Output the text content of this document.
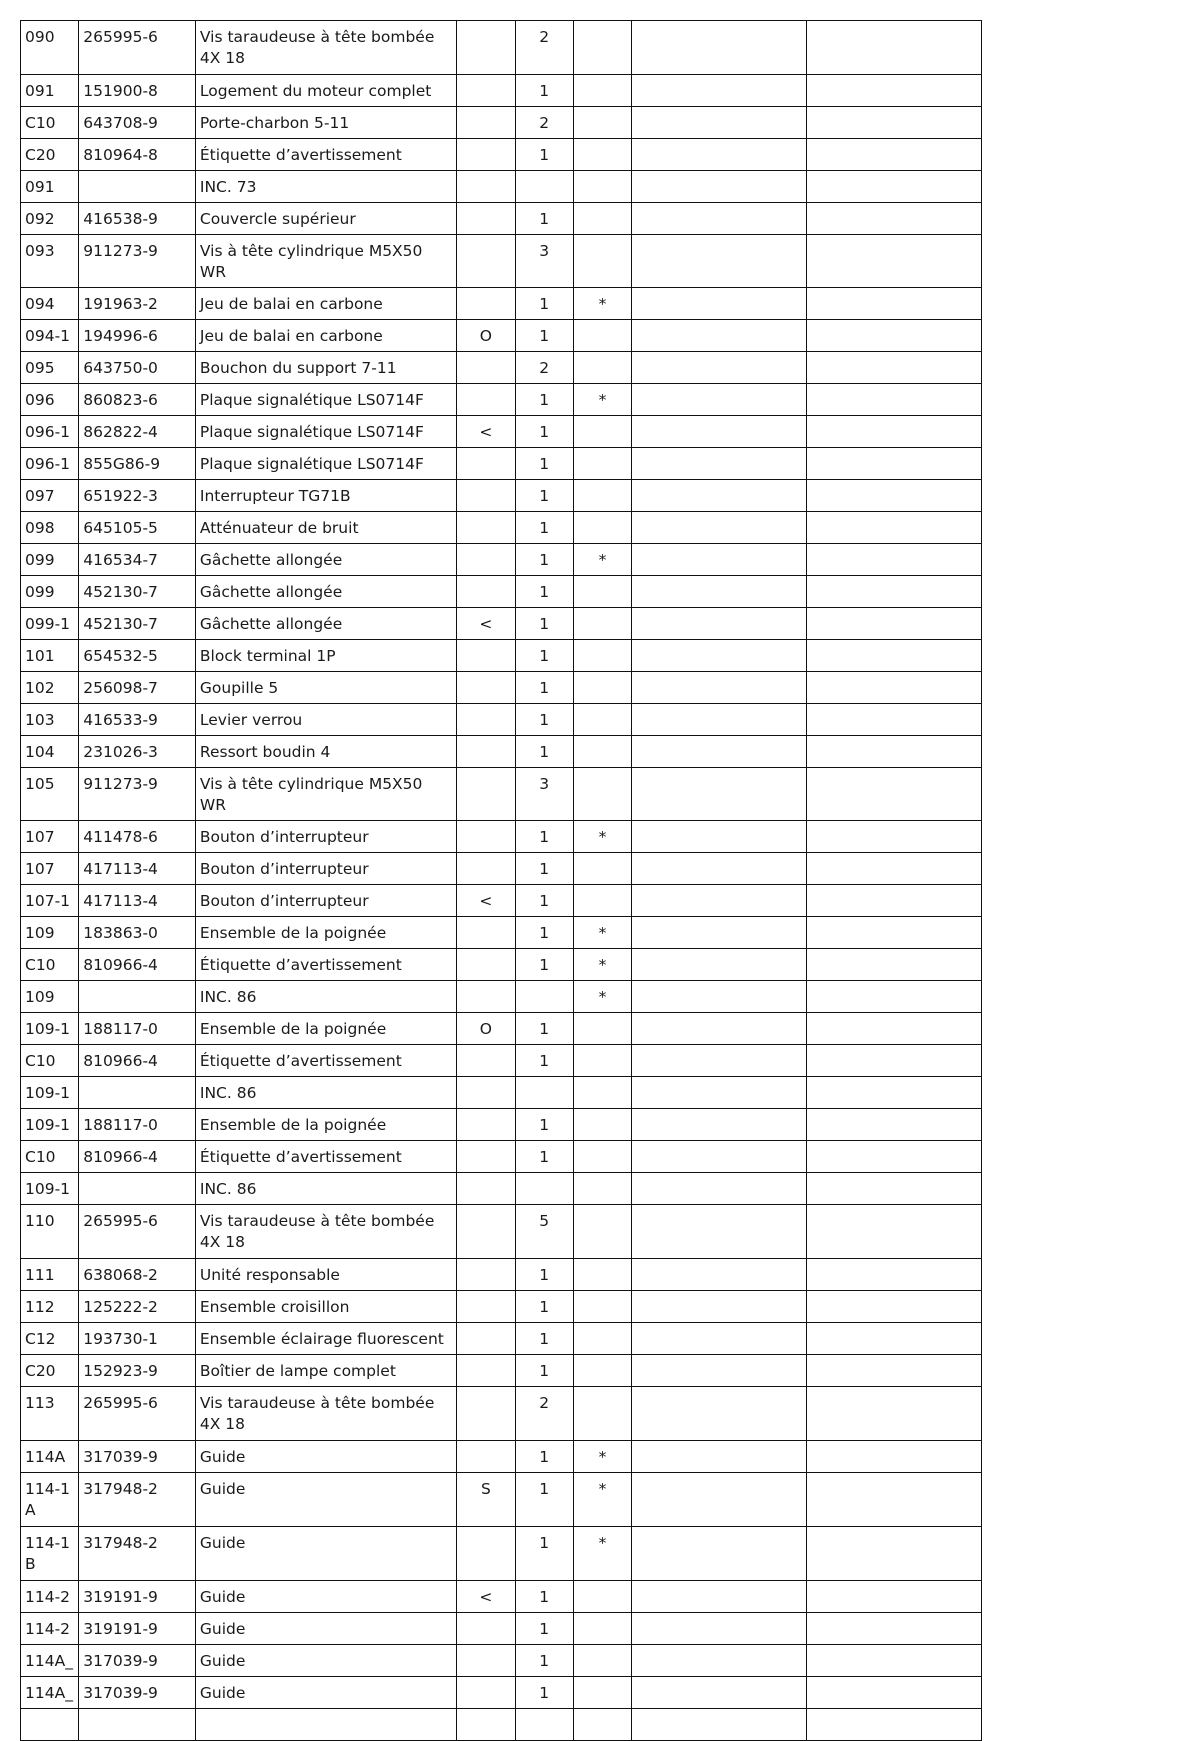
090	265995-6	Vis taraudeuse à tête bombée 4X 18		2			
091	151900-8	Logement du moteur complet		1			
C10	643708-9	Porte-charbon 5-11		2			
C20	810964-8	Étiquette d’avertissement		1			
091		INC. 73					
092	416538-9	Couvercle supérieur		1			
093	911273-9	Vis à tête cylindrique M5X50 WR		3			
094	191963-2	Jeu de balai en carbone		1	*		
094-1	194996-6	Jeu de balai en carbone	O	1			
095	643750-0	Bouchon du support 7-11		2			
096	860823-6	Plaque signalétique LS0714F		1	*		
096-1	862822-4	Plaque signalétique LS0714F	<	1			
096-1	855G86-9	Plaque signalétique LS0714F		1			
097	651922-3	Interrupteur TG71B		1			
098	645105-5	Atténuateur de bruit		1			
099	416534-7	Gâchette allongée		1	*		
099	452130-7	Gâchette allongée		1			
099-1	452130-7	Gâchette allongée	<	1			
101	654532-5	Block terminal 1P		1			
102	256098-7	Goupille 5		1			
103	416533-9	Levier verrou		1			
104	231026-3	Ressort boudin 4		1			
105	911273-9	Vis à tête cylindrique M5X50 WR		3			
107	411478-6	Bouton d’interrupteur		1	*		
107	417113-4	Bouton d’interrupteur		1			
107-1	417113-4	Bouton d’interrupteur	<	1			
109	183863-0	Ensemble de la poignée		1	*		
C10	810966-4	Étiquette d’avertissement		1	*		
109		INC. 86			*		
109-1	188117-0	Ensemble de la poignée	O	1			
C10	810966-4	Étiquette d’avertissement		1			
109-1		INC. 86					
109-1	188117-0	Ensemble de la poignée		1			
C10	810966-4	Étiquette d’avertissement		1			
109-1		INC. 86					
110	265995-6	Vis taraudeuse à tête bombée 4X 18		5			
111	638068-2	Unité responsable		1			
112	125222-2	Ensemble croisillon		1			
C12	193730-1	Ensemble éclairage fluorescent		1			
C20	152923-9	Boîtier de lampe complet		1			
113	265995-6	Vis taraudeuse à tête bombée 4X 18		2			
114A	317039-9	Guide		1	*		
114-1 A	317948-2	Guide	S	1	*		
114-1 B	317948-2	Guide		1	*		
114-2	319191-9	Guide	<	1			
114-2	319191-9	Guide		1			
114A_	317039-9	Guide		1			
114A_	317039-9	Guide		1			
